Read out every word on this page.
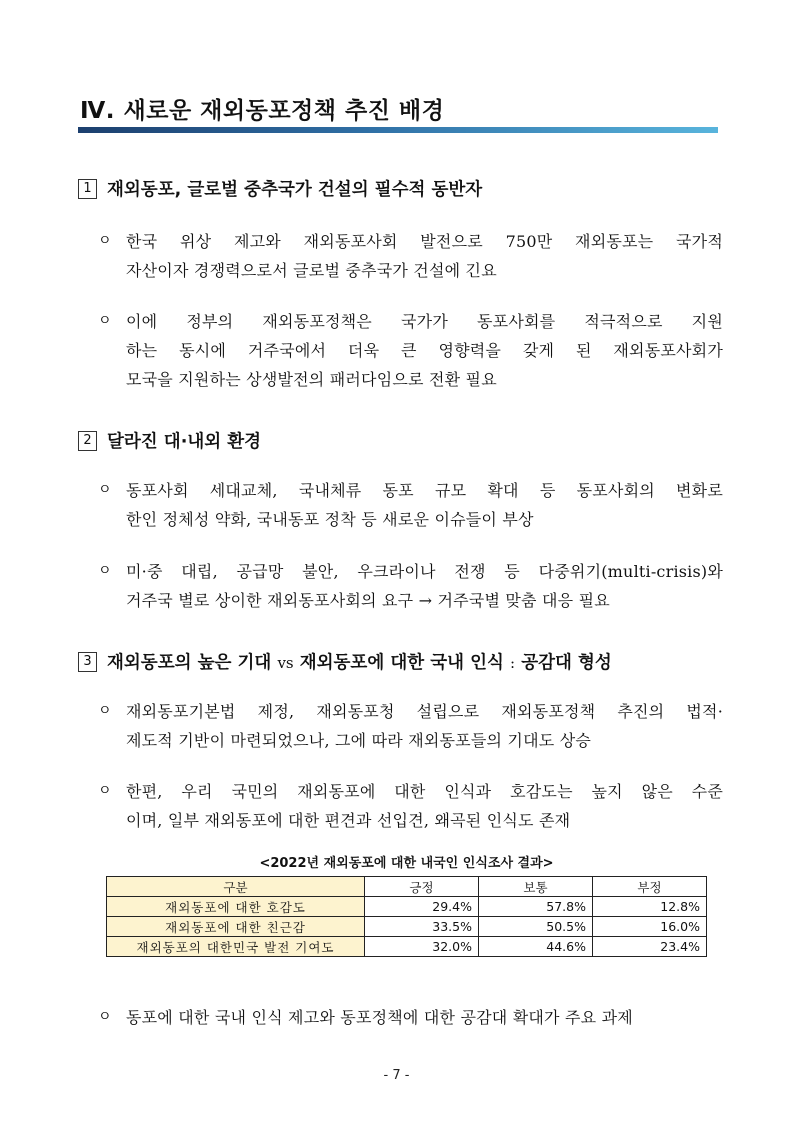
Ⅳ. 새로운 재외동포정책 추진 배경
1 재외동포, 글로벌 중추국가 건설의 필수적 동반자
ㅇ 한국 위상 제고와 재외동포사회 발전으로 750만 재외동포는 국가적
자산이자 경쟁력으로서 글로벌 중추국가 건설에 긴요
ㅇ 이에 정부의 재외동포정책은 국가가 동포사회를 적극적으로 지원
하는 동시에 거주국에서 더욱 큰 영향력을 갖게 된 재외동포사회가
모국을 지원하는 상생발전의 패러다임으로 전환 필요
2 달라진 대·내외 환경
ㅇ 동포사회 세대교체, 국내체류 동포 규모 확대 등 동포사회의 변화로
한인 정체성 약화, 국내동포 정착 등 새로운 이슈들이 부상
ㅇ 미·중 대립, 공급망 불안, 우크라이나 전쟁 등 다중위기(multi-crisis)와
거주국 별로 상이한 재외동포사회의 요구 → 거주국별 맞춤 대응 필요
3 재외동포의 높은 기대 vs 재외동포에 대한 국내 인식 : 공감대 형성
ㅇ 재외동포기본법 제정, 재외동포청 설립으로 재외동포정책 추진의 법적·
제도적 기반이 마련되었으나, 그에 따라 재외동포들의 기대도 상승
ㅇ 한편, 우리 국민의 재외동포에 대한 인식과 호감도는 높지 않은 수준
이며, 일부 재외동포에 대한 편견과 선입견, 왜곡된 인식도 존재
<2022년 재외동포에 대한 내국인 인식조사 결과>
구분	긍정	보통	부정
재외동포에 대한 호감도	29.4%	57.8%	12.8%
재외동포에 대한 친근감	33.5%	50.5%	16.0%
재외동포의 대한민국 발전 기여도	32.0%	44.6%	23.4%
ㅇ 동포에 대한 국내 인식 제고와 동포정책에 대한 공감대 확대가 주요 과제
- 7 -
